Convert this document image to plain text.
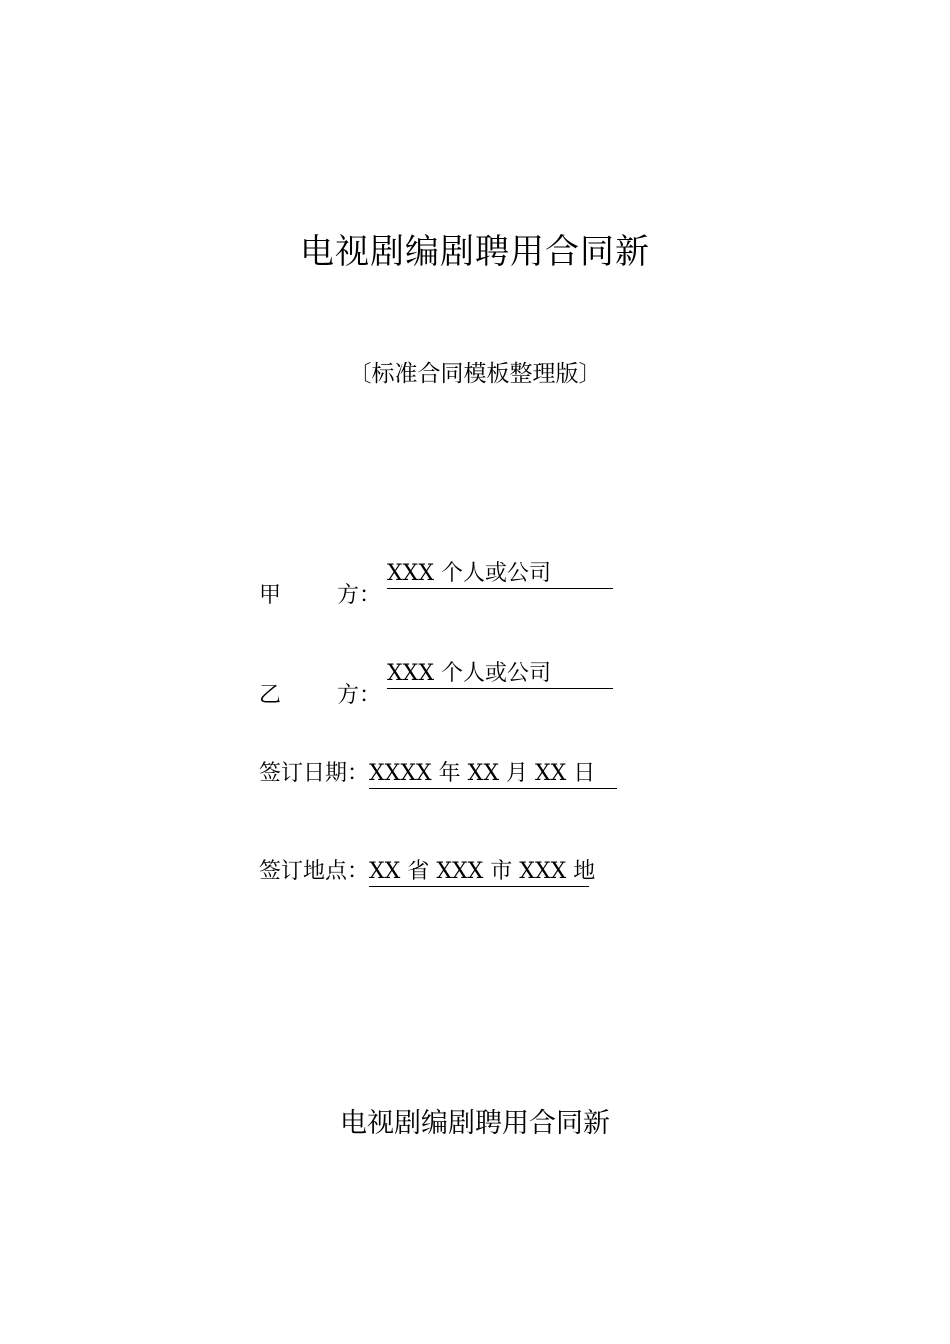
电视剧编剧聘用合同新
〔标准合同模板整理版〕
甲	方：
XXX 个人或公司
乙	方：
XXX 个人或公司
签订日期：XXXX 年 XX 月 XX 日
签订地点：XX 省 XXX 市 XXX 地
电视剧编剧聘用合同新
